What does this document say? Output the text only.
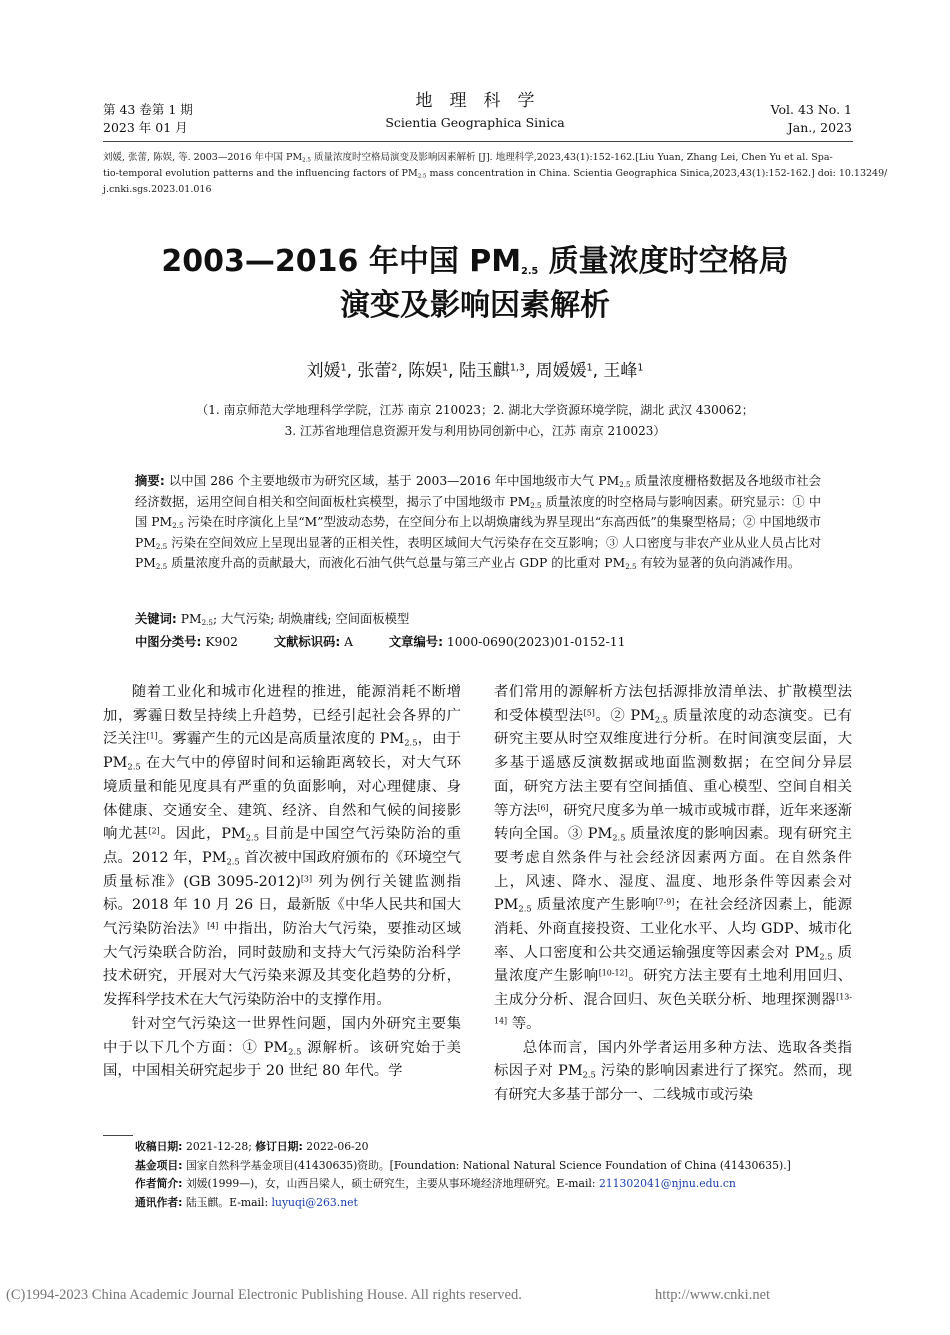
第 43 卷第 1 期
2023 年 01 月
地　理　科　学
Scientia Geographica Sinica
Vol. 43 No. 1
Jan., 2023
刘媛, 张蕾, 陈娱, 等. 2003—2016 年中国 $PM_{2.5}$ 质量浓度时空格局演变及影响因素解析 [J]. 地理科学,2023,43(1):152-162.[Liu Yuan, Zhang Lei, Chen Yu et al. Spa-
tio-temporal evolution patterns and the influencing factors of $PM_{2.5}$ mass concentration in China. Scientia Geographica Sinica,2023,43(1):152-162.] doi: 10.13249/
j.cnki.sgs.2023.01.016
2003—2016 年中国 $PM_{2.5}$ 质量浓度时空格局
演变及影响因素解析
刘媛$^1$, 张蕾$^2$, 陈娱$^1$, 陆玉麒$^{1,3}$, 周媛媛$^1$, 王峰$^1$
（1. 南京师范大学地理科学学院，江苏 南京 210023；2. 湖北大学资源环境学院，湖北 武汉 430062；
3. 江苏省地理信息资源开发与利用协同创新中心，江苏 南京 210023）
摘要: 以中国 286 个主要地级市为研究区域，基于 2003—2016 年中国地级市大气 $PM_{2.5}$ 质量浓度栅格数据及各地级市社会经济数据，运用空间自相关和空间面板杜宾模型，揭示了中国地级市 $PM_{2.5}$ 质量浓度的时空格局与影响因素。研究显示：① 中国 $PM_{2.5}$ 污染在时序演化上呈“M”型波动态势，在空间分布上以胡焕庸线为界呈现出“东高西低”的集聚型格局；② 中国地级市 $PM_{2.5}$ 污染在空间效应上呈现出显著的正相关性，表明区域间大气污染存在交互影响；③ 人口密度与非农产业从业人员占比对 $PM_{2.5}$ 质量浓度升高的贡献最大，而液化石油气供气总量与第三产业占 GDP 的比重对 $PM_{2.5}$ 有较为显著的负向消减作用。
关键词: $PM_{2.5}$; 大气污染; 胡焕庸线; 空间面板模型
中图分类号: K902	文献标识码: A	文章编号: 1000-0690(2023)01-0152-11

随着工业化和城市化进程的推进，能源消耗不断增加，雾霾日数呈持续上升趋势，已经引起社会各界的广泛关注[1]。雾霾产生的元凶是高质量浓度的 $PM_{2.5}$，由于 $PM_{2.5}$ 在大气中的停留时间和运输距离较长，对大气环境质量和能见度具有严重的负面影响，对心理健康、身体健康、交通安全、建筑、经济、自然和气候的间接影响尤甚[2]。因此，$PM_{2.5}$ 目前是中国空气污染防治的重点。2012 年，$PM_{2.5}$ 首次被中国政府颁布的《环境空气质量标准》(GB 3095-2012)[3] 列为例行关键监测指标。2018 年 10 月 26 日，最新版《中华人民共和国大气污染防治法》[4] 中指出，防治大气污染，要推动区域大气污染联合防治，同时鼓励和支持大气污染防治科学技术研究，开展对大气污染来源及其变化趋势的分析，发挥科学技术在大气污染防治中的支撑作用。

针对空气污染这一世界性问题，国内外研究主要集中于以下几个方面：① $PM_{2.5}$ 源解析。该研究始于美国，中国相关研究起步于 20 世纪 80 年代。学

者们常用的源解析方法包括源排放清单法、扩散模型法和受体模型法[5]。② $PM_{2.5}$ 质量浓度的动态演变。已有研究主要从时空双维度进行分析。在时间演变层面，大多基于遥感反演数据或地面监测数据；在空间分异层面，研究方法主要有空间插值、重心模型、空间自相关等方法[6]，研究尺度多为单一城市或城市群，近年来逐渐转向全国。③ $PM_{2.5}$ 质量浓度的影响因素。现有研究主要考虑自然条件与社会经济因素两方面。在自然条件上，风速、降水、湿度、温度、地形条件等因素会对 $PM_{2.5}$ 质量浓度产生影响[7-9]；在社会经济因素上，能源消耗、外商直接投资、工业化水平、人均 GDP、城市化率、人口密度和公共交通运输强度等因素会对 $PM_{2.5}$ 质量浓度产生影响[10-12]。研究方法主要有土地利用回归、主成分分析、混合回归、灰色关联分析、地理探测器[13-14] 等。

总体而言，国内外学者运用多种方法、选取各类指标因子对 $PM_{2.5}$ 污染的影响因素进行了探究。然而，现有研究大多基于部分一、二线城市或污染

收稿日期: 2021-12-28; 修订日期: 2022-06-20
基金项目: 国家自然科学基金项目(41430635)资助。[Foundation: National Natural Science Foundation of China (41430635).]
作者简介: 刘媛(1999—)，女，山西吕梁人，硕士研究生，主要从事环境经济地理研究。E-mail: 211302041@njnu.edu.cn
通讯作者: 陆玉麒。E-mail: luyuqi@263.net
(C)1994-2023 China Academic Journal Electronic Publishing House. All rights reserved.	http://www.cnki.net
